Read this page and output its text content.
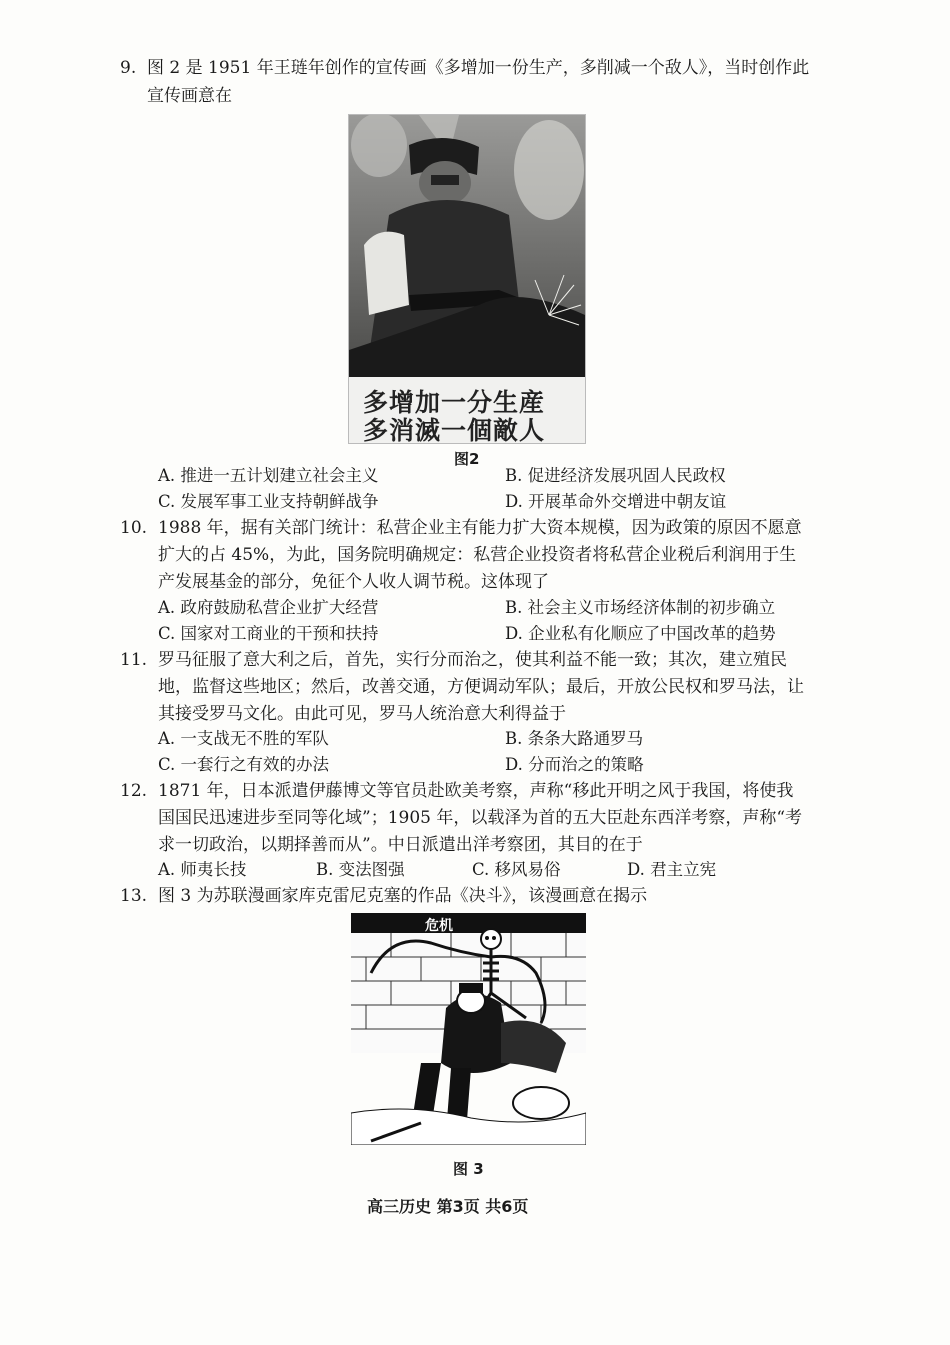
9. 图 2 是 1951 年王琏年创作的宣传画《多增加一份生产，多削减一个敌人》，当时创作此
宣传画意在
多增加一分生産
多消滅一個敵人
图2
A. 推进一五计划建立社会主义	B. 促进经济发展巩固人民政权
C. 发展军事工业支持朝鲜战争	D. 开展革命外交增进中朝友谊
10. 1988 年，据有关部门统计：私营企业主有能力扩大资本规模，因为政策的原因不愿意
扩大的占 45%，为此，国务院明确规定：私营企业投资者将私营企业税后利润用于生
产发展基金的部分，免征个人收人调节税。这体现了
A. 政府鼓励私营企业扩大经营	B. 社会主义市场经济体制的初步确立
C. 国家对工商业的干预和扶持	D. 企业私有化顺应了中国改革的趋势
11. 罗马征服了意大利之后，首先，实行分而治之，使其利益不能一致；其次，建立殖民
地，监督这些地区；然后，改善交通，方便调动军队；最后，开放公民权和罗马法，让
其接受罗马文化。由此可见，罗马人统治意大利得益于
A. 一支战无不胜的军队	B. 条条大路通罗马
C. 一套行之有效的办法	D. 分而治之的策略
12. 1871 年，日本派遣伊藤博文等官员赴欧美考察，声称“移此开明之风于我国，将使我
国国民迅速进步至同等化域”；1905 年，以载泽为首的五大臣赴东西洋考察，声称“考
求一切政治，以期择善而从”。中日派遣出洋考察团，其目的在于
A. 师夷长技	B. 变法图强	C. 移风易俗	D. 君主立宪
13. 图 3 为苏联漫画家库克雷尼克塞的作品《决斗》，该漫画意在揭示
危机
图 3
高三历史 第3页 共6页
